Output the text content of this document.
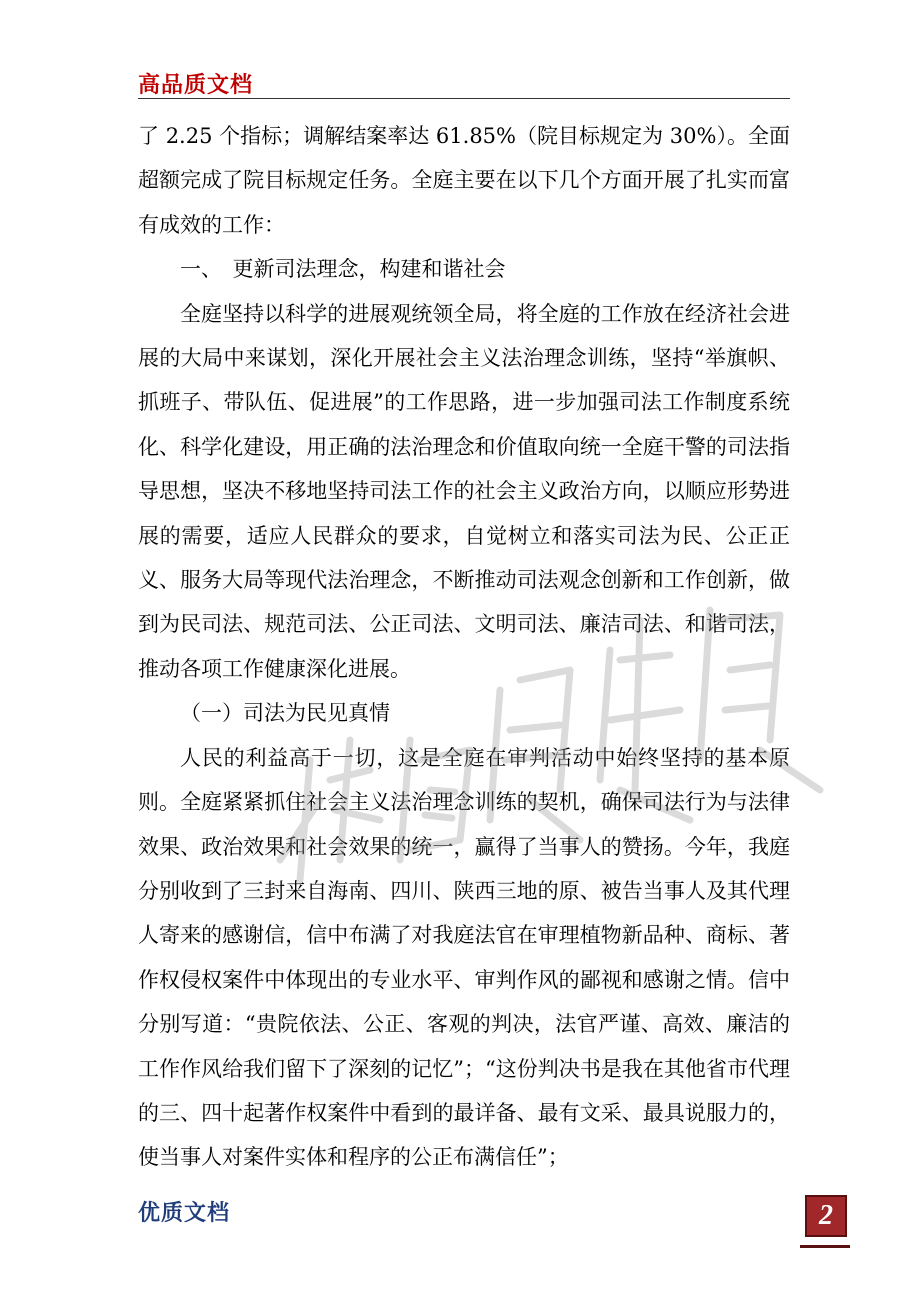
高品质文档

了 2.25 个指标；调解结案率达 61.85%（院目标规定为 30%）。全面超额完成了院目标规定任务。全庭主要在以下几个方面开展了扎实而富有成效的工作：

一、　更新司法理念，构建和谐社会

全庭坚持以科学的进展观统领全局，将全庭的工作放在经济社会进展的大局中来谋划，深化开展社会主义法治理念训练，坚持“举旗帜、抓班子、带队伍、促进展”的工作思路，进一步加强司法工作制度系统化、科学化建设，用正确的法治理念和价值取向统一全庭干警的司法指导思想，坚决不移地坚持司法工作的社会主义政治方向，以顺应形势进展的需要，适应人民群众的要求，自觉树立和落实司法为民、公正正义、服务大局等现代法治理念，不断推动司法观念创新和工作创新，做到为民司法、规范司法、公正司法、文明司法、廉洁司法、和谐司法，推动各项工作健康深化进展。

（一）司法为民见真情

人民的利益高于一切，这是全庭在审判活动中始终坚持的基本原则。全庭紧紧抓住社会主义法治理念训练的契机，确保司法行为与法律效果、政治效果和社会效果的统一，赢得了当事人的赞扬。今年，我庭分别收到了三封来自海南、四川、陕西三地的原、被告当事人及其代理人寄来的感谢信，信中布满了对我庭法官在审理植物新品种、商标、著作权侵权案件中体现出的专业水平、审判作风的鄙视和感谢之情。信中分别写道：“贵院依法、公正、客观的判决，法官严谨、高效、廉洁的工作作风给我们留下了深刻的记忆”；“这份判决书是我在其他省市代理的三、四十起著作权案件中看到的最详备、最有文采、最具说服力的，使当事人对案件实体和程序的公正布满信任”；

优质文档	2
